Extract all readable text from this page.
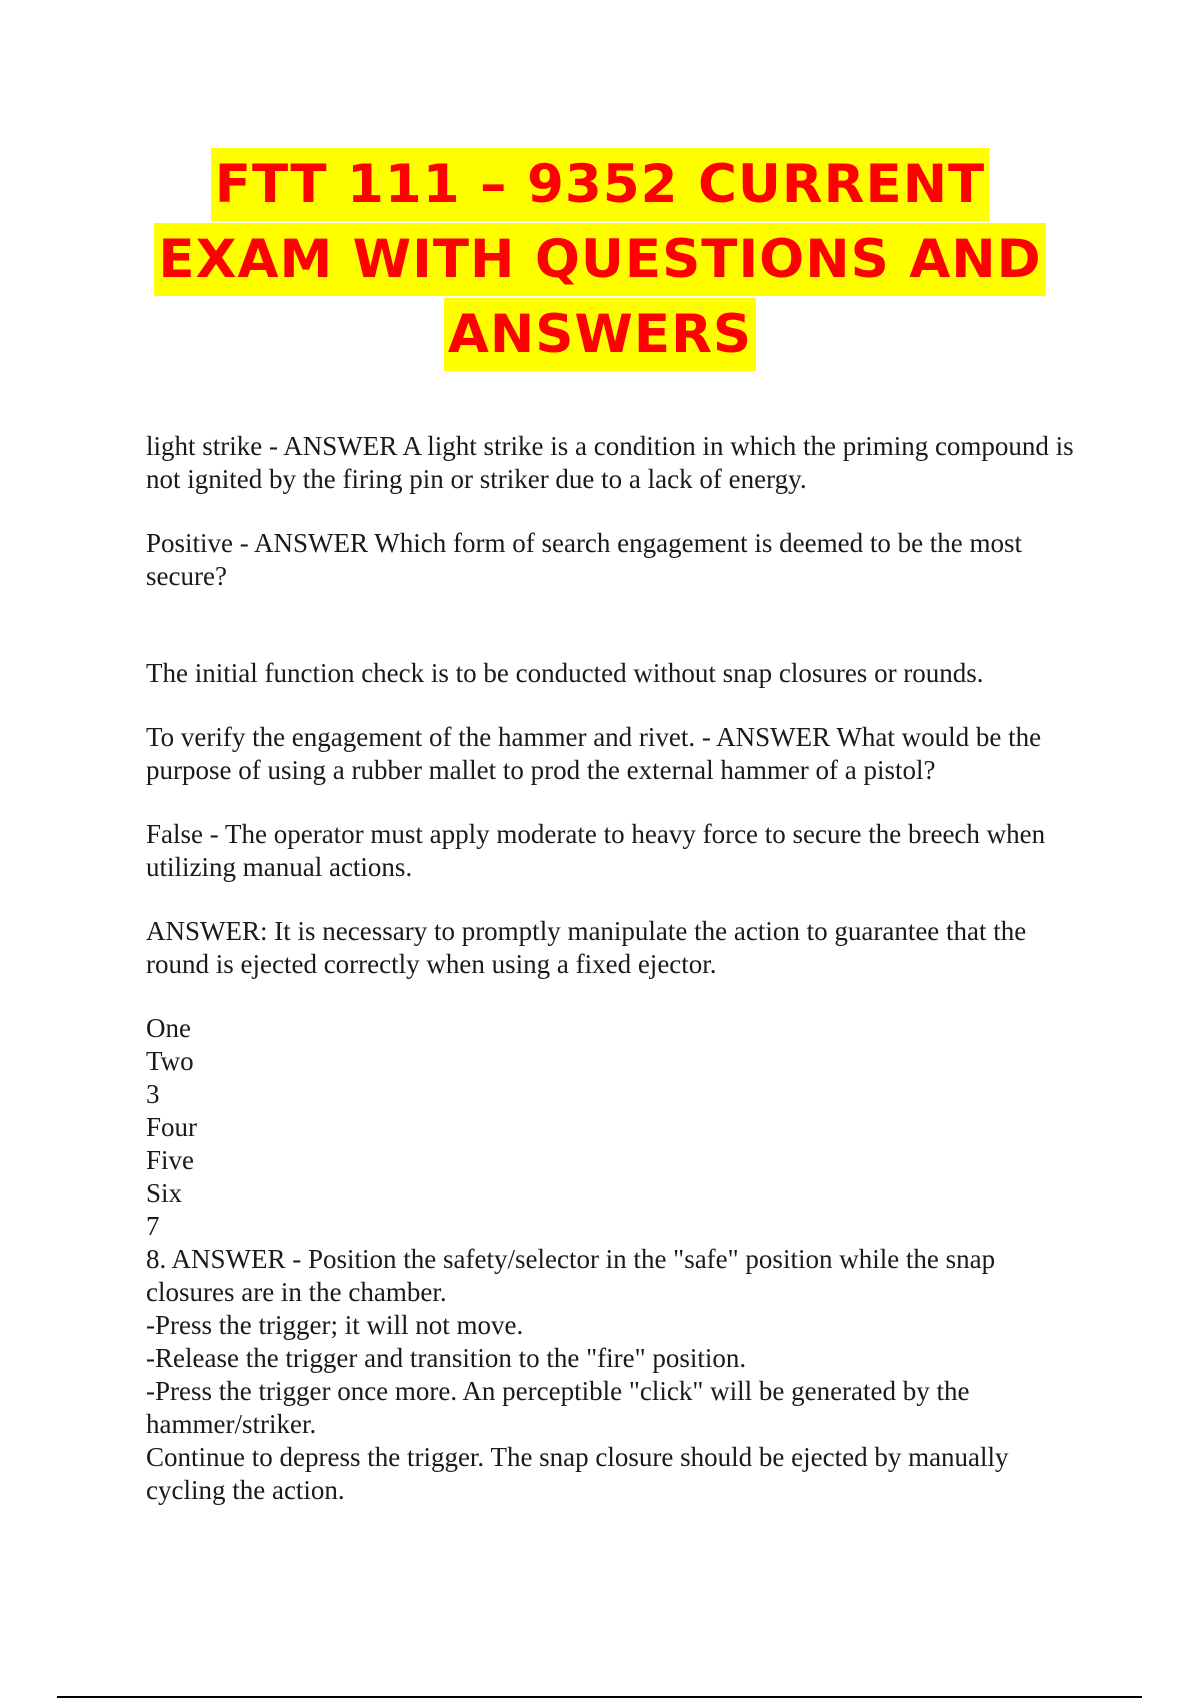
FTT 111 – 9352 CURRENT
EXAM WITH QUESTIONS AND
ANSWERS

light strike - ANSWER A light strike is a condition in which the priming compound is not ignited by the firing pin or striker due to a lack of energy.

Positive - ANSWER Which form of search engagement is deemed to be the most secure?

The initial function check is to be conducted without snap closures or rounds.

To verify the engagement of the hammer and rivet. - ANSWER What would be the purpose of using a rubber mallet to prod the external hammer of a pistol?

False - The operator must apply moderate to heavy force to secure the breech when utilizing manual actions.

ANSWER: It is necessary to promptly manipulate the action to guarantee that the round is ejected correctly when using a fixed ejector.

One
Two
3
Four
Five
Six
7

8. ANSWER - Position the safety/selector in the "safe" position while the snap closures are in the chamber.

-Press the trigger; it will not move.

-Release the trigger and transition to the "fire" position.

-Press the trigger once more. An perceptible "click" will be generated by the hammer/striker.

Continue to depress the trigger. The snap closure should be ejected by manually cycling the action.
